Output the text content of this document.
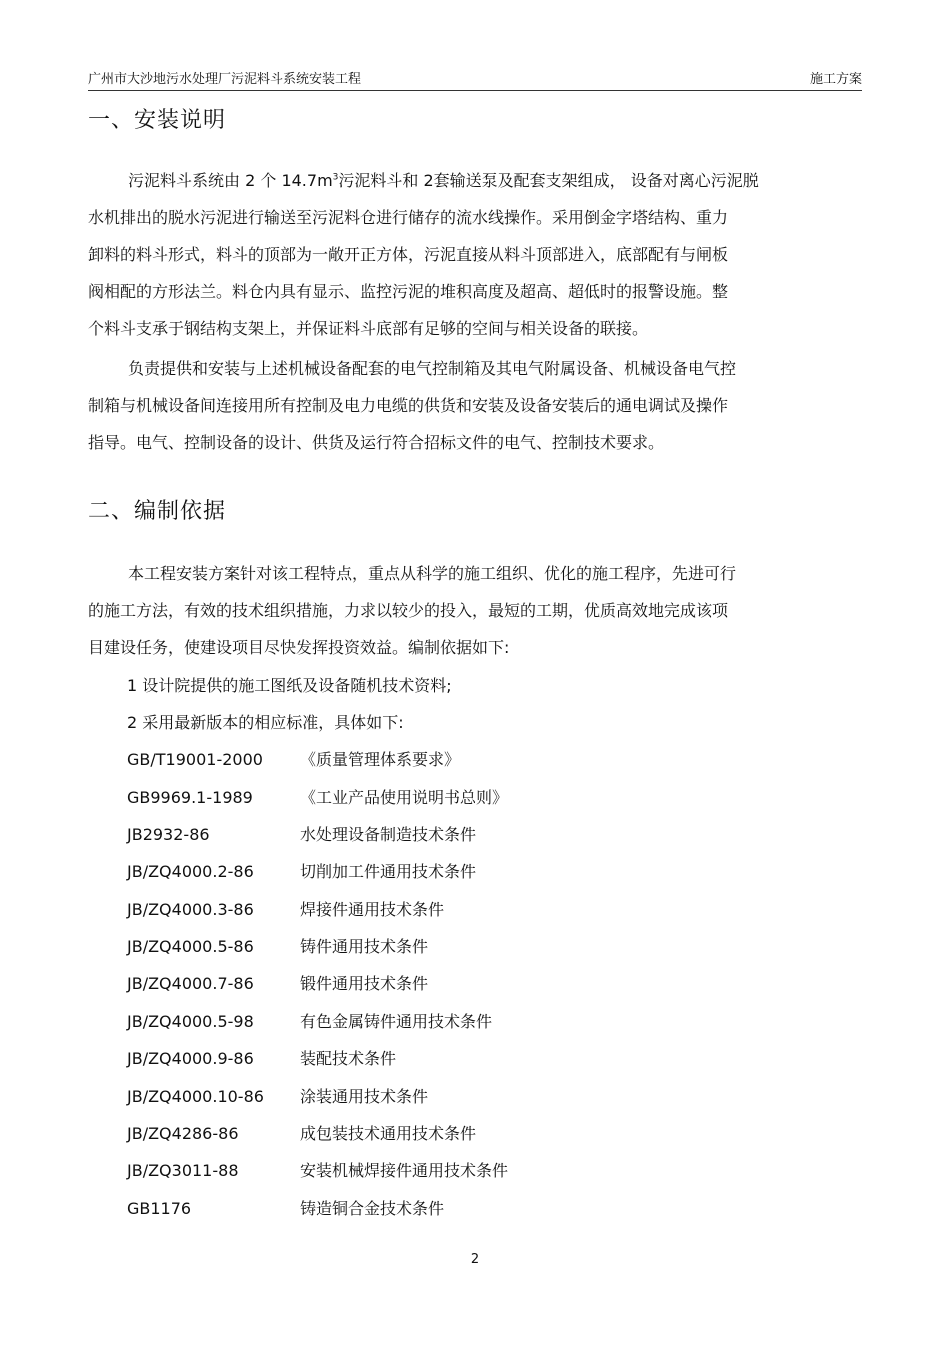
广州市大沙地污水处理厂污泥料斗系统安装工程	施工方案
一、安装说明
污泥料斗系统由 2 个 $14.7m^3$污泥料斗和 2套输送泵及配套支架组成， 设备对离心污泥脱
水机排出的脱水污泥进行输送至污泥料仓进行储存的流水线操作。采用倒金字塔结构、重力
卸料的料斗形式，料斗的顶部为一敞开正方体，污泥直接从料斗顶部进入，底部配有与闸板
阀相配的方形法兰。料仓内具有显示、监控污泥的堆积高度及超高、超低时的报警设施。整
个料斗支承于钢结构支架上，并保证料斗底部有足够的空间与相关设备的联接。
负责提供和安装与上述机械设备配套的电气控制箱及其电气附属设备、机械设备电气控
制箱与机械设备间连接用所有控制及电力电缆的供货和安装及设备安装后的通电调试及操作
指导。电气、控制设备的设计、供货及运行符合招标文件的电气、控制技术要求。
二、编制依据
本工程安装方案针对该工程特点，重点从科学的施工组织、优化的施工程序，先进可行
的施工方法，有效的技术组织措施，力求以较少的投入，最短的工期，优质高效地完成该项
目建设任务，使建设项目尽快发挥投资效益。编制依据如下:
1 设计院提供的施工图纸及设备随机技术资料;
2 采用最新版本的相应标准，具体如下:
GB/T19001-2000 《质量管理体系要求》
GB9969.1-1989	《工业产品使用说明书总则》
JB2932-86	水处理设备制造技术条件
JB/ZQ4000.2-86	切削加工件通用技术条件
JB/ZQ4000.3-86	焊接件通用技术条件
JB/ZQ4000.5-86	铸件通用技术条件
JB/ZQ4000.7-86	锻件通用技术条件
JB/ZQ4000.5-98	有色金属铸件通用技术条件
JB/ZQ4000.9-86	装配技术条件
JB/ZQ4000.10-86 涂装通用技术条件
JB/ZQ4286-86	成包装技术通用技术条件
JB/ZQ3011-88	安装机械焊接件通用技术条件
GB1176	铸造铜合金技术条件
2
